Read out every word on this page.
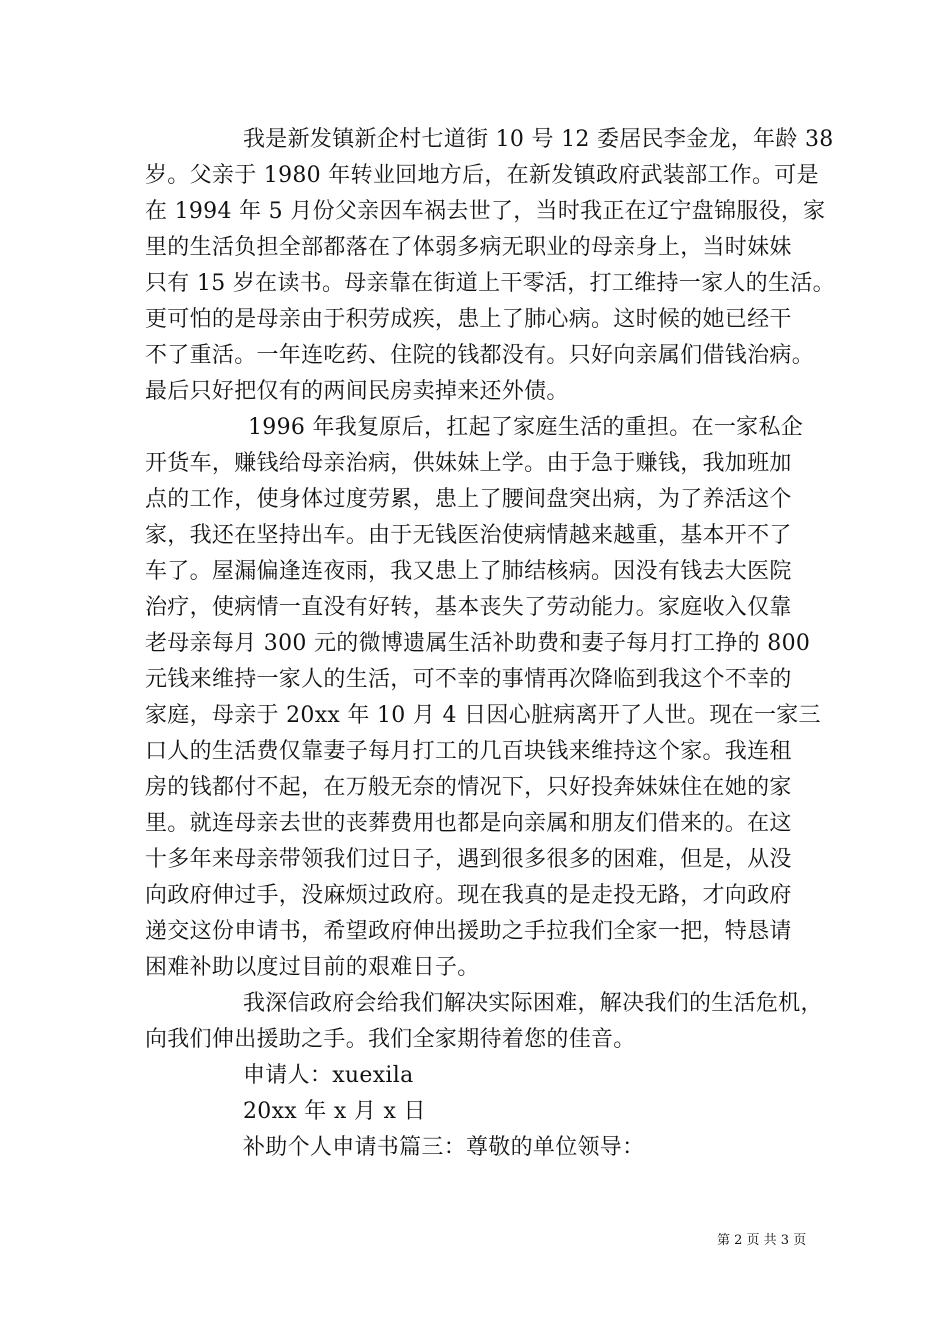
我是新发镇新企村七道街 10 号 12 委居民李金龙，年龄 38
岁。父亲于 1980 年转业回地方后，在新发镇政府武装部工作。可是
在 1994 年 5 月份父亲因车祸去世了，当时我正在辽宁盘锦服役，家
里的生活负担全部都落在了体弱多病无职业的母亲身上，当时妹妹
只有 15 岁在读书。母亲靠在街道上干零活，打工维持一家人的生活。
更可怕的是母亲由于积劳成疾，患上了肺心病。这时候的她已经干
不了重活。一年连吃药、住院的钱都没有。只好向亲属们借钱治病。
最后只好把仅有的两间民房卖掉来还外债。
1996 年我复原后，扛起了家庭生活的重担。在一家私企
开货车，赚钱给母亲治病，供妹妹上学。由于急于赚钱，我加班加
点的工作，使身体过度劳累，患上了腰间盘突出病，为了养活这个
家，我还在坚持出车。由于无钱医治使病情越来越重，基本开不了
车了。屋漏偏逢连夜雨，我又患上了肺结核病。因没有钱去大医院
治疗，使病情一直没有好转，基本丧失了劳动能力。家庭收入仅靠
老母亲每月 300 元的微博遗属生活补助费和妻子每月打工挣的 800
元钱来维持一家人的生活，可不幸的事情再次降临到我这个不幸的
家庭，母亲于 20xx 年 10 月 4 日因心脏病离开了人世。现在一家三
口人的生活费仅靠妻子每月打工的几百块钱来维持这个家。我连租
房的钱都付不起，在万般无奈的情况下，只好投奔妹妹住在她的家
里。就连母亲去世的丧葬费用也都是向亲属和朋友们借来的。在这
十多年来母亲带领我们过日子，遇到很多很多的困难，但是，从没
向政府伸过手，没麻烦过政府。现在我真的是走投无路，才向政府
递交这份申请书，希望政府伸出援助之手拉我们全家一把，特恳请
困难补助以度过目前的艰难日子。
我深信政府会给我们解决实际困难，解决我们的生活危机，
向我们伸出援助之手。我们全家期待着您的佳音。
申请人：xuexila
20xx 年 x 月 x 日
补助个人申请书篇三：尊敬的单位领导：
第 2 页 共 3 页
